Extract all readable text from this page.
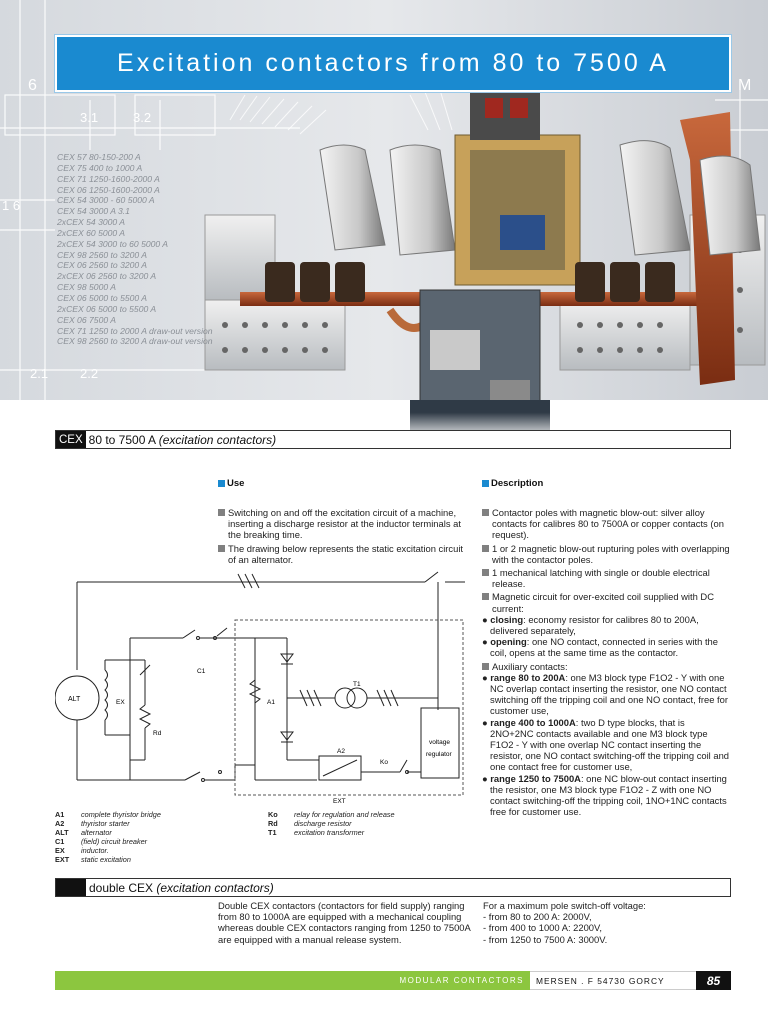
6
3.1	3.2
1 6
M
Excitation contactors from 80 to 7500 A
CEX 57 80-150-200 A
CEX 75 400 to 1000 A
CEX 71 1250-1600-2000 A
CEX 06 1250-1600-2000 A
CEX 54 3000 - 60 5000 A
CEX 54 3000 A 3.1
2xCEX 54 3000 A
2xCEX 60 5000 A
2xCEX 54 3000 to 60 5000 A
CEX 98 2560 to 3200 A
CEX 06 2560 to 3200 A
2xCEX 06 2560 to 3200 A
CEX 98 5000 A
CEX 06 5000 to 5500 A
2xCEX 06 5000 to 5500 A
CEX 06 7500 A
CEX 71 1250 to 2000 A draw-out version
CEX 98 2560 to 3200 A draw-out version
CEX 80 to 7500 A (excitation contactors)
Use

Switching on and off the excitation circuit of a machine, inserting a discharge resistor at the inductor terminals at the breaking time.

The drawing below represents the static excitation circuit of an alternator.

Description

Contactor poles with magnetic blow-out: silver alloy contacts for calibres 80 to 7500A or copper contacts (on request).

1 or 2 magnetic blow-out rupturing poles with overlapping with the contactor poles.

1 mechanical latching with single or double electrical release.

Magnetic circuit for over-excited coil supplied with DC current:

● closing: economy resistor for calibres 80 to 200A, delivered separately,

● opening: one NO contact, connected in series with the coil, opens at the same time as the contactor.

Auxiliary contacts:

● range 80 to 200A: one M3 block type F1O2 - Y with one NC overlap contact inserting the resistor, one NO contact switching off the tripping coil and one NO contact, free for customer use,

● range 400 to 1000A: two D type blocks, that is 2NO+2NC contacts available and one M3 block type F1O2 - Y with one overlap NC contact inserting the resistor, one NO contact switching-off the tripping coil and one contact free for customer use,

● range 1250 to 7500A: one NC blow-out contact inserting the resistor, one M3 block type F1O2 - Z with one NO contact switching-off the tripping coil, 1NO+1NC contacts free for customer use.

ALT	EX
Rd
C1
A1
T1
A2
Ko
voltage
regulator
EXT
A1	complete thyristor bridge
A2	thyristor starter
ALT	alternator
C1	(field) circuit breaker
EX	inductor.
EXT	static excitation
Ko	relay for regulation and release
Rd	discharge resistor
T1	excitation transformer
double CEX (excitation contactors)
Double CEX contactors (contactors for field supply) ranging from 80 to 1000A are equipped with a mechanical coupling whereas double CEX contactors ranging from 1250 to 7500A are equipped with a manual release system.
For a maximum pole switch-off voltage:
- from 80 to 200 A: 2000V,
- from 400 to 1000 A: 2200V,
- from 1250 to 7500 A: 3000V.
MODULAR CONTACTORS	MERSEN . F 54730 GORCY	85
